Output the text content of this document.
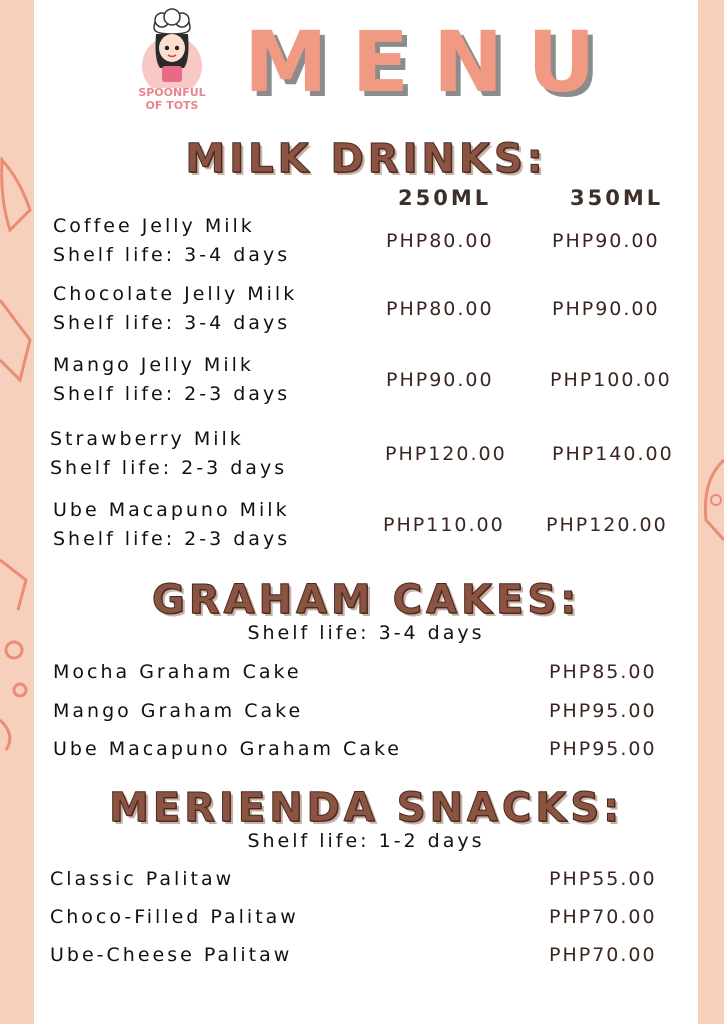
SPOONFUL
OF TOTS MENU
MILK DRINKS:
250ML	350ML
Coffee Jelly Milk
Shelf life: 3-4 days
PHP80.00	PHP90.00
Chocolate Jelly Milk
Shelf life: 3-4 days
PHP80.00	PHP90.00
Mango Jelly Milk
Shelf life: 2-3 days
PHP90.00	PHP100.00
Strawberry Milk
Shelf life: 2-3 days
PHP120.00 PHP140.00
Ube Macapuno Milk
Shelf life: 2-3 days
PHP110.00 PHP120.00
GRAHAM CAKES:
Shelf life: 3-4 days
Mocha Graham Cake	PHP85.00
Mango Graham Cake	PHP95.00
Ube Macapuno Graham Cake	PHP95.00
MERIENDA SNACKS:
Shelf life: 1-2 days
Classic Palitaw	PHP55.00
Choco-Filled Palitaw	PHP70.00
Ube-Cheese Palitaw	PHP70.00
